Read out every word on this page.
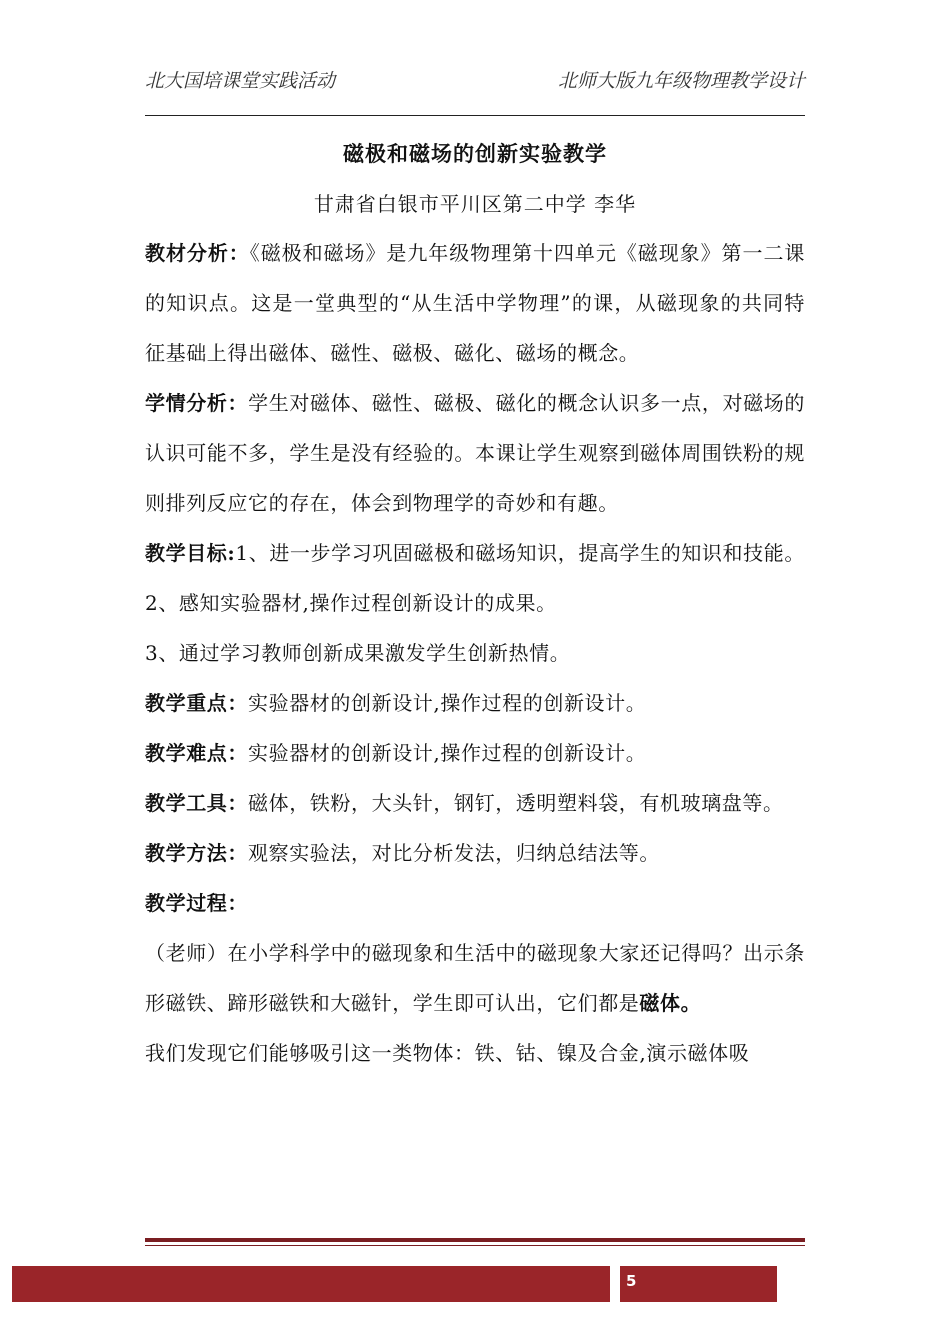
北大国培课堂实践活动	北师大版九年级物理教学设计
磁极和磁场的创新实验教学
甘肃省白银市平川区第二中学 李华

教材分析：《磁极和磁场》是九年级物理第十四单元《磁现象》第一二课的知识点。这是一堂典型的“从生活中学物理”的课，从磁现象的共同特征基础上得出磁体、磁性、磁极、磁化、磁场的概念。

学情分析：学生对磁体、磁性、磁极、磁化的概念认识多一点，对磁场的认识可能不多，学生是没有经验的。本课让学生观察到磁体周围铁粉的规则排列反应它的存在，体会到物理学的奇妙和有趣。

教学目标:1、进一步学习巩固磁极和磁场知识，提高学生的知识和技能。

2、感知实验器材,操作过程创新设计的成果。

3、通过学习教师创新成果激发学生创新热情。

教学重点：实验器材的创新设计,操作过程的创新设计。

教学难点：实验器材的创新设计,操作过程的创新设计。

教学工具：磁体，铁粉，大头针，钢钉，透明塑料袋，有机玻璃盘等。

教学方法：观察实验法，对比分析发法，归纳总结法等。

教学过程：

（老师）在小学科学中的磁现象和生活中的磁现象大家还记得吗？出示条形磁铁、蹄形磁铁和大磁针，学生即可认出，它们都是磁体。

我们发现它们能够吸引这一类物体：铁、钴、镍及合金,演示磁体吸

5
